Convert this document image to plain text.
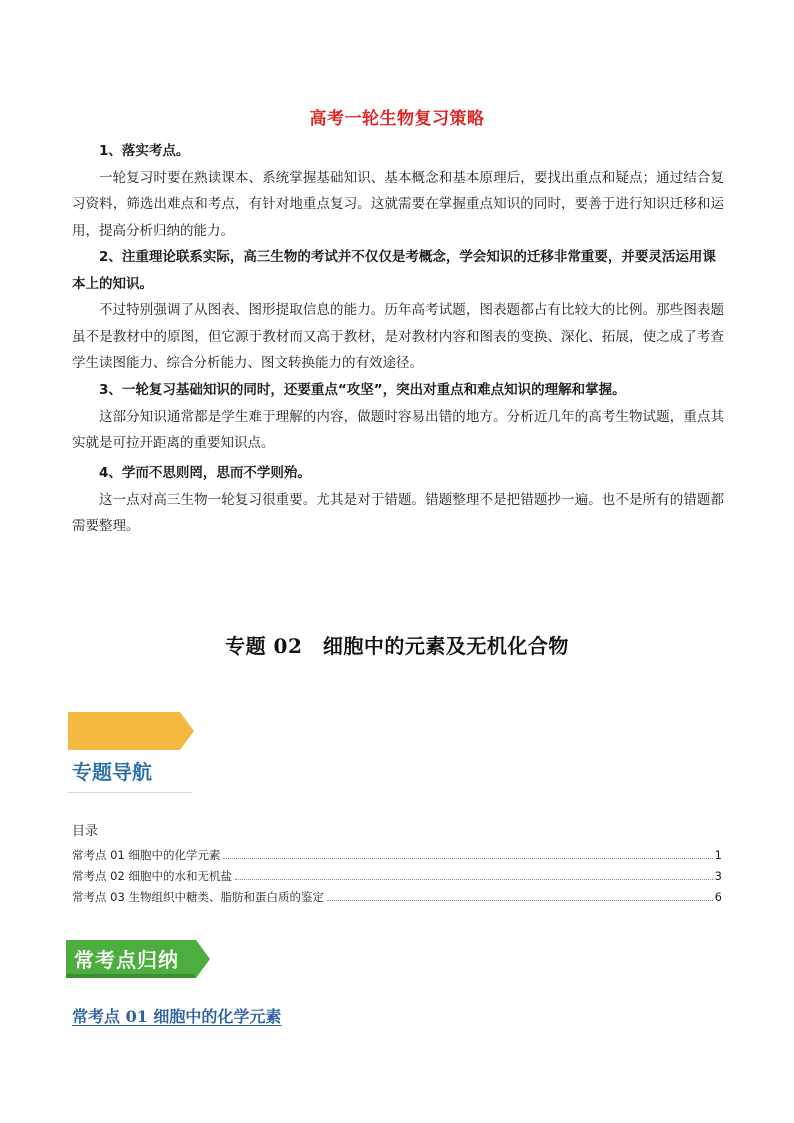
高考一轮生物复习策略
1、落实考点。
一轮复习时要在熟读课本、系统掌握基础知识、基本概念和基本原理后，要找出重点和疑点；通过结合复习资料，筛选出难点和考点，有针对地重点复习。这就需要在掌握重点知识的同时，要善于进行知识迁移和运用，提高分析归纳的能力。
2、注重理论联系实际，高三生物的考试并不仅仅是考概念，学会知识的迁移非常重要，并要灵活运用课本上的知识。
不过特别强调了从图表、图形提取信息的能力。历年高考试题，图表题都占有比较大的比例。那些图表题虽不是教材中的原图，但它源于教材而又高于教材，是对教材内容和图表的变换、深化、拓展，使之成了考查学生读图能力、综合分析能力、图文转换能力的有效途径。
3、一轮复习基础知识的同时，还要重点“攻坚”，突出对重点和难点知识的理解和掌握。
这部分知识通常都是学生难于理解的内容，做题时容易出错的地方。分析近几年的高考生物试题，重点其实就是可拉开距离的重要知识点。
4、学而不思则罔，思而不学则殆。
这一点对高三生物一轮复习很重要。尤其是对于错题。错题整理不是把错题抄一遍。也不是所有的错题都需要整理。
专题 02　细胞中的元素及无机化合物
专题导航
目录
常考点 01 细胞中的化学元素	1
常考点 02 细胞中的水和无机盐	3
常考点 03 生物组织中糖类、脂肪和蛋白质的鉴定	6
常考点归纳
常考点 01 细胞中的化学元素
